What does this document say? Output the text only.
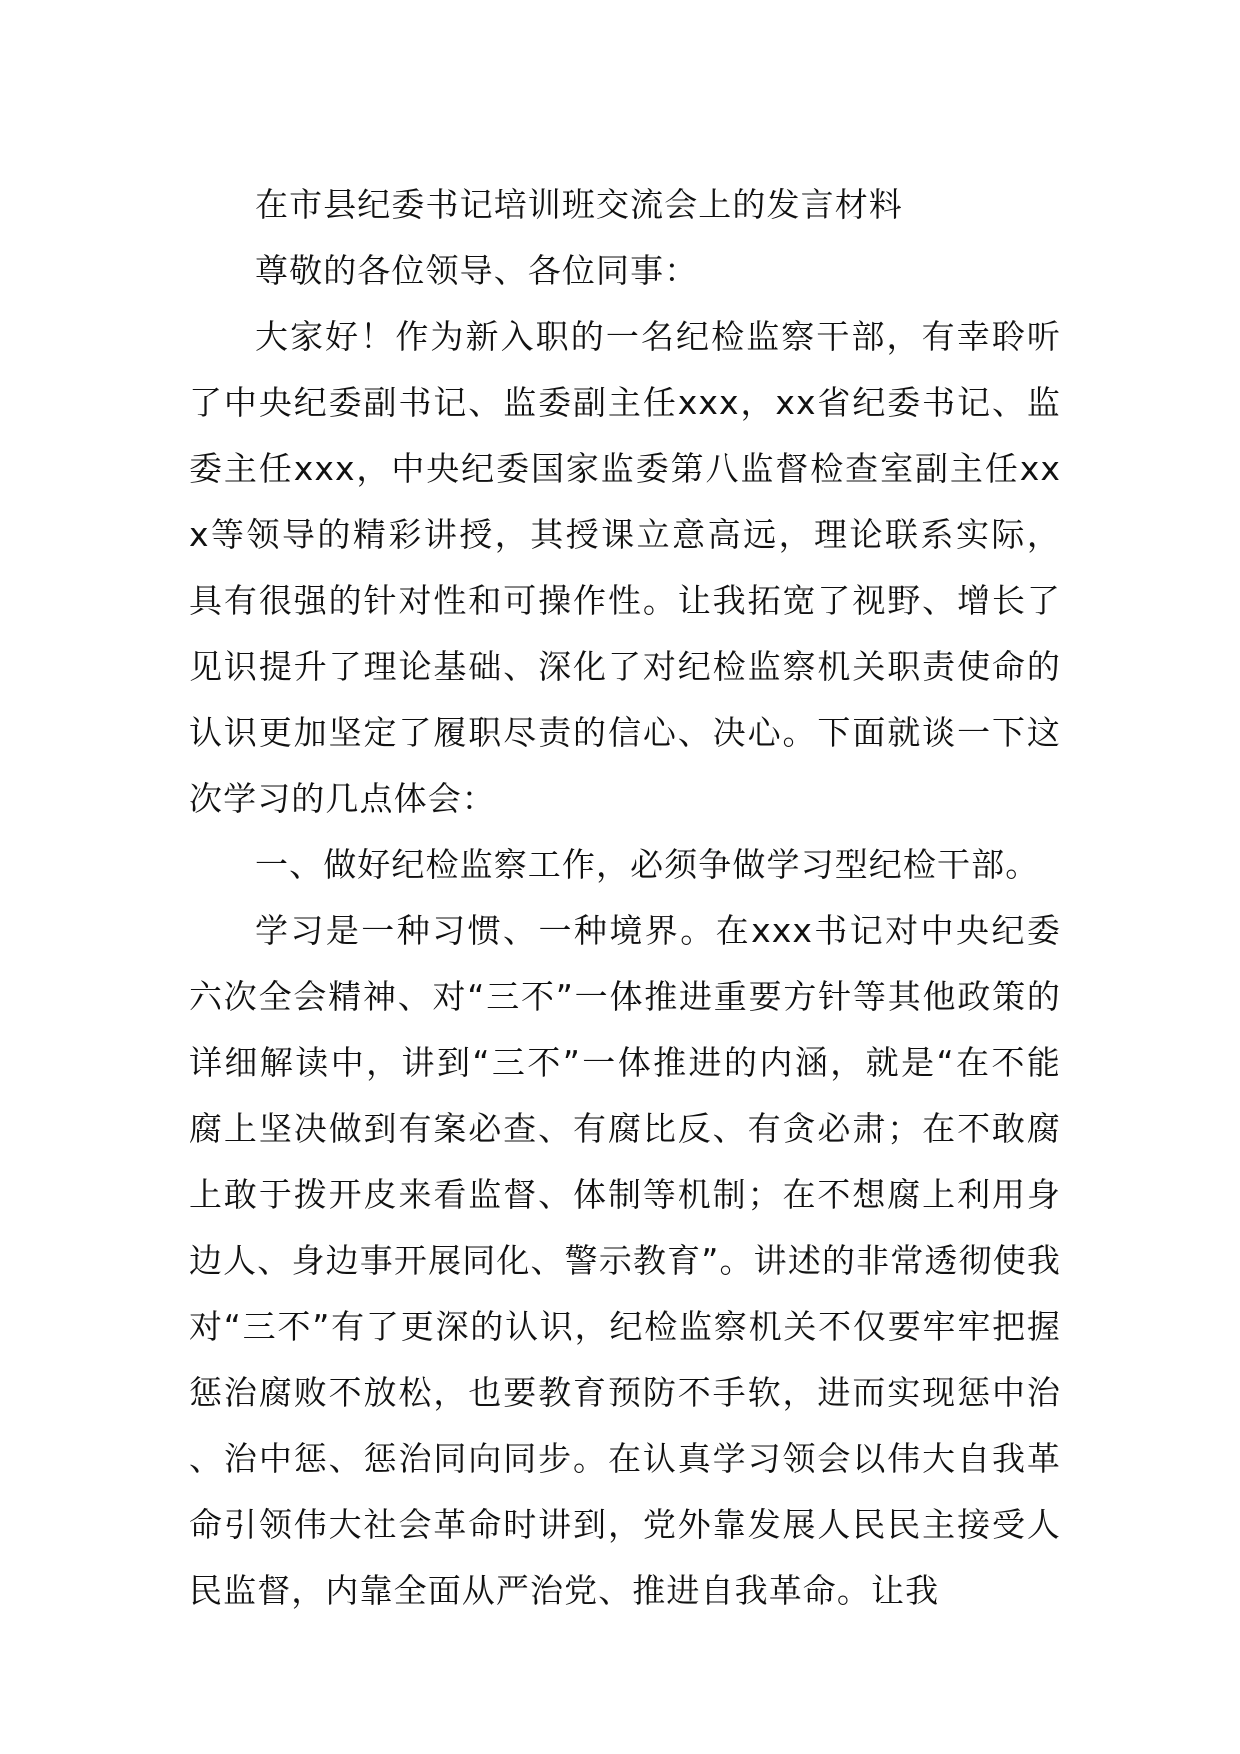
在市县纪委书记培训班交流会上的发言材料

尊敬的各位领导、各位同事：

大家好！作为新入职的一名纪检监察干部，有幸聆听了中央纪委副书记、监委副主任xxx，xx省纪委书记、监委主任xxx，中央纪委国家监委第八监督检查室副主任xxx等领导的精彩讲授，其授课立意高远，理论联系实际，具有很强的针对性和可操作性。让我拓宽了视野、增长了见识提升了理论基础、深化了对纪检监察机关职责使命的认识更加坚定了履职尽责的信心、决心。下面就谈一下这次学习的几点体会：

一、做好纪检监察工作，必须争做学习型纪检干部。

学习是一种习惯、一种境界。在xxx书记对中央纪委六次全会精神、对“三不”一体推进重要方针等其他政策的详细解读中，讲到“三不”一体推进的内涵，就是“在不能腐上坚决做到有案必查、有腐比反、有贪必肃；在不敢腐上敢于拨开皮来看监督、体制等机制；在不想腐上利用身边人、身边事开展同化、警示教育”。讲述的非常透彻使我对“三不”有了更深的认识，纪检监察机关不仅要牢牢把握惩治腐败不放松，也要教育预防不手软，进而实现惩中治、治中惩、惩治同向同步。在认真学习领会以伟大自我革命引领伟大社会革命时讲到，党外靠发展人民民主接受人民监督，内靠全面从严治党、推进自我革命。让我
